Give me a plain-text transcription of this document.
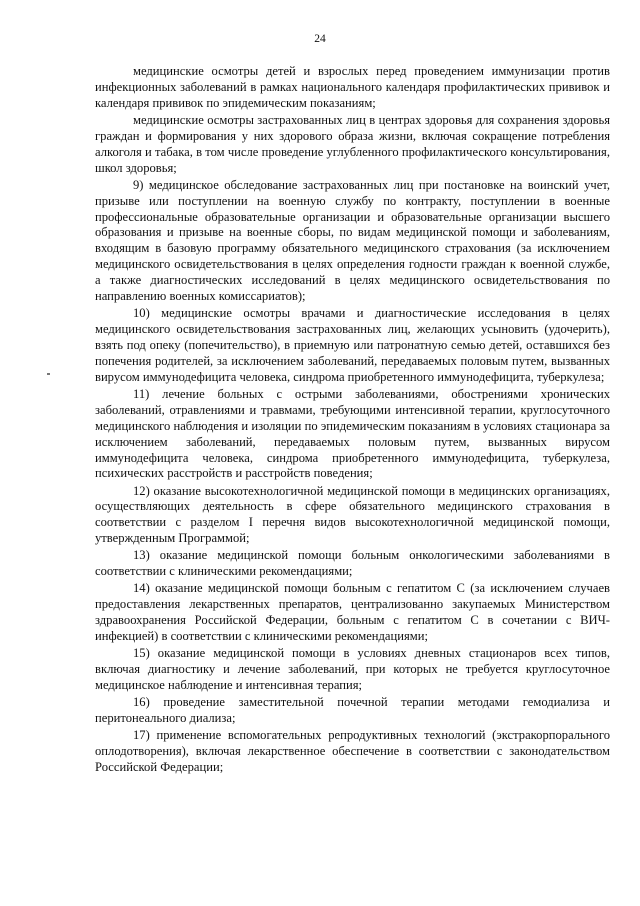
24

медицинские осмотры детей и взрослых перед проведением иммунизации против инфекционных заболеваний в рамках национального календаря профилактических прививок и календаря прививок по эпидемическим показаниям;

медицинские осмотры застрахованных лиц в центрах здоровья для сохранения здоровья граждан и формирования у них здорового образа жизни, включая сокращение потребления алкоголя и табака, в том числе проведение углубленного профилактического консультирования, школ здоровья;

9) медицинское обследование застрахованных лиц при постановке на воинский учет, призыве или поступлении на военную службу по контракту, поступлении в военные профессиональные образовательные организации и образовательные организации высшего образования и призыве на военные сборы, по видам медицинской помощи и заболеваниям, входящим в базовую программу обязательного медицинского страхования (за исключением медицинского освидетельствования в целях определения годности граждан к военной службе, а также диагностических исследований в целях медицинского освидетельствования по направлению военных комиссариатов);

10) медицинские осмотры врачами и диагностические исследования в целях медицинского освидетельствования застрахованных лиц, желающих усыновить (удочерить), взять под опеку (попечительство), в приемную или патронатную семью детей, оставшихся без попечения родителей, за исключением заболеваний, передаваемых половым путем, вызванных вирусом иммунодефицита человека, синдрома приобретенного иммунодефицита, туберкулеза;

11) лечение больных с острыми заболеваниями, обострениями хронических заболеваний, отравлениями и травмами, требующими интенсивной терапии, круглосуточного медицинского наблюдения и изоляции по эпидемическим показаниям в условиях стационара за исключением заболеваний, передаваемых половым путем, вызванных вирусом иммунодефицита человека, синдрома приобретенного иммунодефицита, туберкулеза, психических расстройств и расстройств поведения;

12) оказание высокотехнологичной медицинской помощи в медицинских организациях, осуществляющих деятельность в сфере обязательного медицинского страхования в соответствии с разделом I перечня видов высокотехнологичной медицинской помощи, утвержденным Программой;

13) оказание медицинской помощи больным онкологическими заболеваниями в соответствии с клиническими рекомендациями;

14) оказание медицинской помощи больным с гепатитом С (за исключением случаев предоставления лекарственных препаратов, централизованно закупаемых Министерством здравоохранения Российской Федерации, больным с гепатитом С в сочетании с ВИЧ-инфекцией) в соответствии с клиническими рекомендациями;

15) оказание медицинской помощи в условиях дневных стационаров всех типов, включая диагностику и лечение заболеваний, при которых не требуется круглосуточное медицинское наблюдение и интенсивная терапия;

16) проведение заместительной почечной терапии методами гемодиализа и перитонеального диализа;

17) применение вспомогательных репродуктивных технологий (экстракорпорального оплодотворения), включая лекарственное обеспечение в соответствии с законодательством Российской Федерации;
